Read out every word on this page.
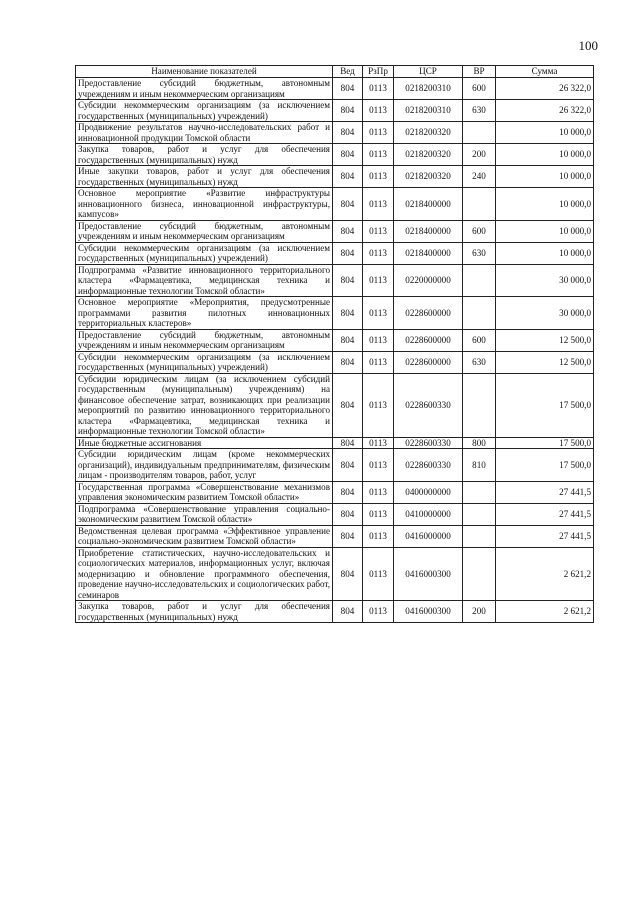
100
Наименование показателей	Вед	РзПр	ЦСР	ВР	Сумма
Предоставление субсидий бюджетным, автономным учреждениям и иным некоммерческим организациям	804	0113	0218200310	600	26 322,0
Субсидии некоммерческим организациям (за исключением государственных (муниципальных) учреждений)	804	0113	0218200310	630	26 322,0
Продвижение результатов научно-исследовательских работ и инновационной продукции Томской области	804	0113	0218200320		10 000,0
Закупка товаров, работ и услуг для обеспечения государственных (муниципальных) нужд	804	0113	0218200320	200	10 000,0
Иные закупки товаров, работ и услуг для обеспечения государственных (муниципальных) нужд	804	0113	0218200320	240	10 000,0
Основное мероприятие «Развитие инфраструктуры инновационного бизнеса, инновационной инфраструктуры, кампусов»	804	0113	0218400000		10 000,0
Предоставление субсидий бюджетным, автономным учреждениям и иным некоммерческим организациям	804	0113	0218400000	600	10 000,0
Субсидии некоммерческим организациям (за исключением государственных (муниципальных) учреждений)	804	0113	0218400000	630	10 000,0
Подпрограмма «Развитие инновационного территориального кластера «Фармацевтика, медицинская техника и информационные технологии Томской области»	804	0113	0220000000		30 000,0
Основное мероприятие «Мероприятия, предусмотренные программами развития пилотных инновационных территориальных кластеров»	804	0113	0228600000		30 000,0
Предоставление субсидий бюджетным, автономным учреждениям и иным некоммерческим организациям	804	0113	0228600000	600	12 500,0
Субсидии некоммерческим организациям (за исключением государственных (муниципальных) учреждений)	804	0113	0228600000	630	12 500,0
Субсидии юридическим лицам (за исключением субсидий государственным (муниципальным) учреждениям) на финансовое обеспечение затрат, возникающих при реализации мероприятий по развитию инновационного территориального кластера «Фармацевтика, медицинская техника и информационные технологии Томской области»	804	0113	0228600330		17 500,0
Иные бюджетные ассигнования	804	0113	0228600330	800	17 500,0
Субсидии юридическим лицам (кроме некоммерческих организаций), индивидуальным предпринимателям, физическим лицам - производителям товаров, работ, услуг	804	0113	0228600330	810	17 500,0
Государственная программа «Совершенствование механизмов управления экономическим развитием Томской области»	804	0113	0400000000		27 441,5
Подпрограмма «Совершенствование управления социально-экономическим развитием Томской области»	804	0113	0410000000		27 441,5
Ведомственная целевая программа «Эффективное управление социально-экономическим развитием Томской области»	804	0113	0416000000		27 441,5
Приобретение статистических, научно-исследовательских и социологических материалов, информационных услуг, включая модернизацию и обновление программного обеспечения, проведение научно-исследовательских и социологических работ, семинаров	804	0113	0416000300		2 621,2
Закупка товаров, работ и услуг для обеспечения государственных (муниципальных) нужд	804	0113	0416000300	200	2 621,2
